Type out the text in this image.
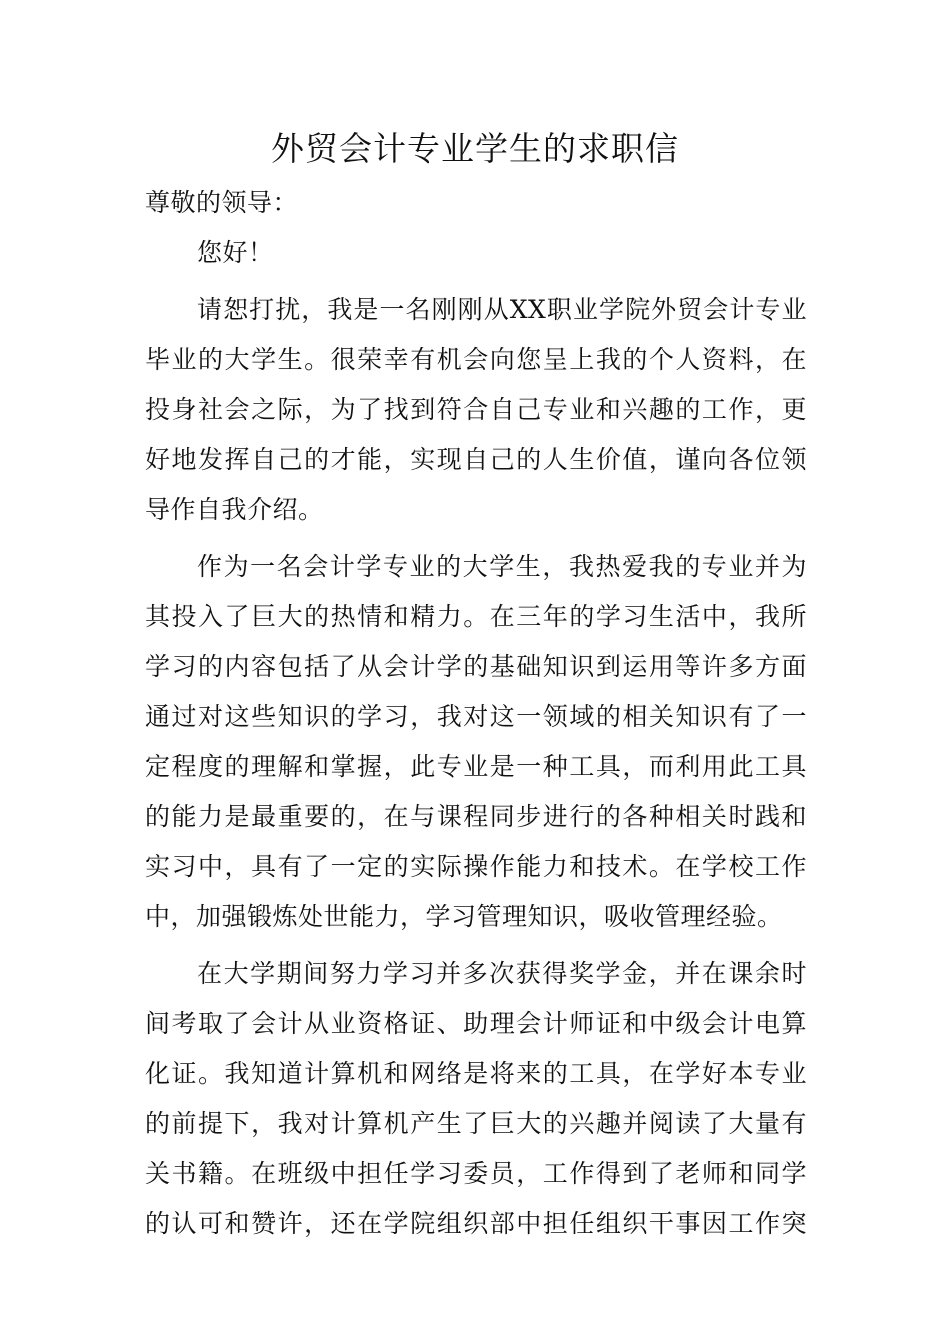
外贸会计专业学生的求职信
尊敬的领导：
您好！
请恕打扰，我是一名刚刚从XX职业学院外贸会计专业
毕业的大学生。很荣幸有机会向您呈上我的个人资料，在
投身社会之际，为了找到符合自己专业和兴趣的工作，更
好地发挥自己的才能，实现自己的人生价值，谨向各位领
导作自我介绍。
作为一名会计学专业的大学生，我热爱我的专业并为
其投入了巨大的热情和精力。在三年的学习生活中，我所
学习的内容包括了从会计学的基础知识到运用等许多方面
通过对这些知识的学习，我对这一领域的相关知识有了一
定程度的理解和掌握，此专业是一种工具，而利用此工具
的能力是最重要的，在与课程同步进行的各种相关时践和
实习中，具有了一定的实际操作能力和技术。在学校工作
中，加强锻炼处世能力，学习管理知识，吸收管理经验。
在大学期间努力学习并多次获得奖学金，并在课余时
间考取了会计从业资格证、助理会计师证和中级会计电算
化证。我知道计算机和网络是将来的工具，在学好本专业
的前提下，我对计算机产生了巨大的兴趣并阅读了大量有
关书籍。在班级中担任学习委员，工作得到了老师和同学
的认可和赞许，还在学院组织部中担任组织干事因工作突
